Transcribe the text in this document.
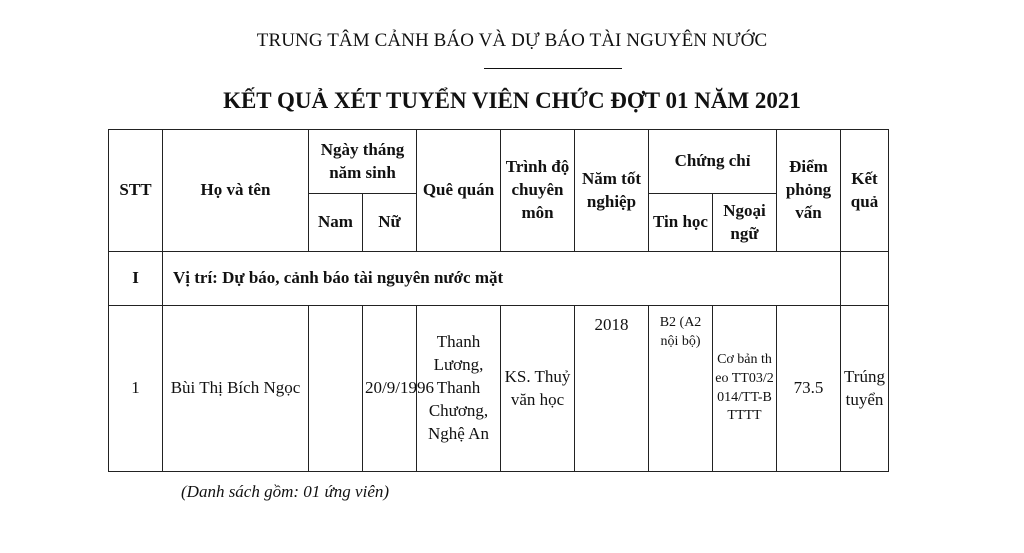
TRUNG TÂM CẢNH BÁO VÀ DỰ BÁO TÀI NGUYÊN NƯỚC
KẾT QUẢ XÉT TUYỂN VIÊN CHỨC ĐỢT 01 NĂM 2021
STT	Họ và tên	Ngày tháng năm sinh		Quê quán	Trình độ chuyên môn	Năm tốt nghiệp	Chứng chỉ		Điểm phỏng vấn	Kết quả
		Nam	Nữ				Tin học	Ngoại ngữ		
I	Vị trí: Dự báo, cảnh báo tài nguyên nước mặt									
1	Bùi Thị Bích Ngọc		20/9/1996	Thanh Lương, Thanh Chương, Nghệ An	KS. Thuỷ văn học	2018	B2 (A2 nội bộ)	Cơ bản theo TT03/2014/TT-BTTTT	73.5	Trúng tuyển
(Danh sách gồm: 01 ứng viên)
